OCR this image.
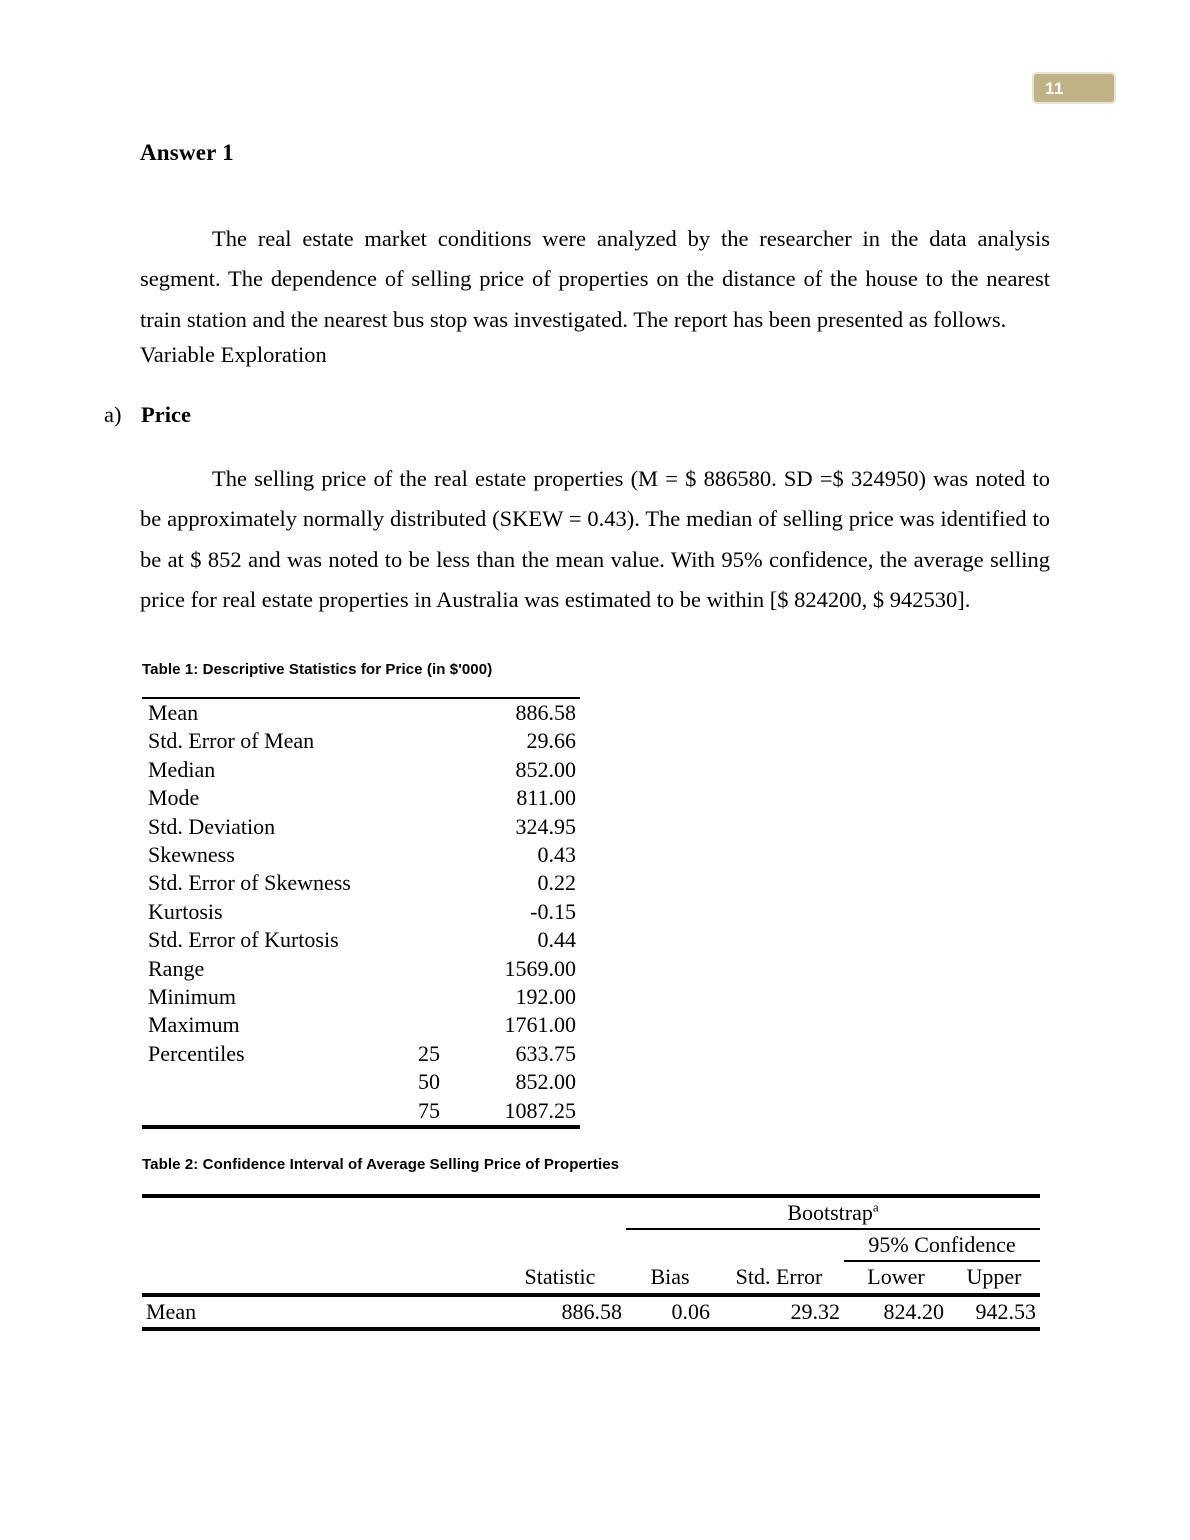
11
Answer 1

The real estate market conditions were analyzed by the researcher in the data analysis segment. The dependence of selling price of properties on the distance of the house to the nearest train station and the nearest bus stop was investigated. The report has been presented as follows.

Variable Exploration
a) Price

The selling price of the real estate properties (M = $ 886580. SD =$ 324950) was noted to be approximately normally distributed (SKEW = 0.43). The median of selling price was identified to be at $ 852 and was noted to be less than the mean value. With 95% confidence, the average selling price for real estate properties in Australia was estimated to be within [$ 824200, $ 942530].

Table 1: Descriptive Statistics for Price (in $'000)

Mean		886.58
Std. Error of Mean		29.66
Median		852.00
Mode		811.00
Std. Deviation		324.95
Skewness		0.43
Std. Error of Skewness		0.22
Kurtosis		-0.15
Std. Error of Kurtosis		0.44
Range		1569.00
Minimum		192.00
Maximum		1761.00
Percentiles	25	633.75
	50	852.00
	75	1087.25

Table 2: Confidence Interval of Average Selling Price of Properties

		Bootstrap$^a$
				95% Confidence	
	Statistic	Bias	Std. Error	Lower	Upper

Mean	886.58	0.06	29.32	824.20	942.53
